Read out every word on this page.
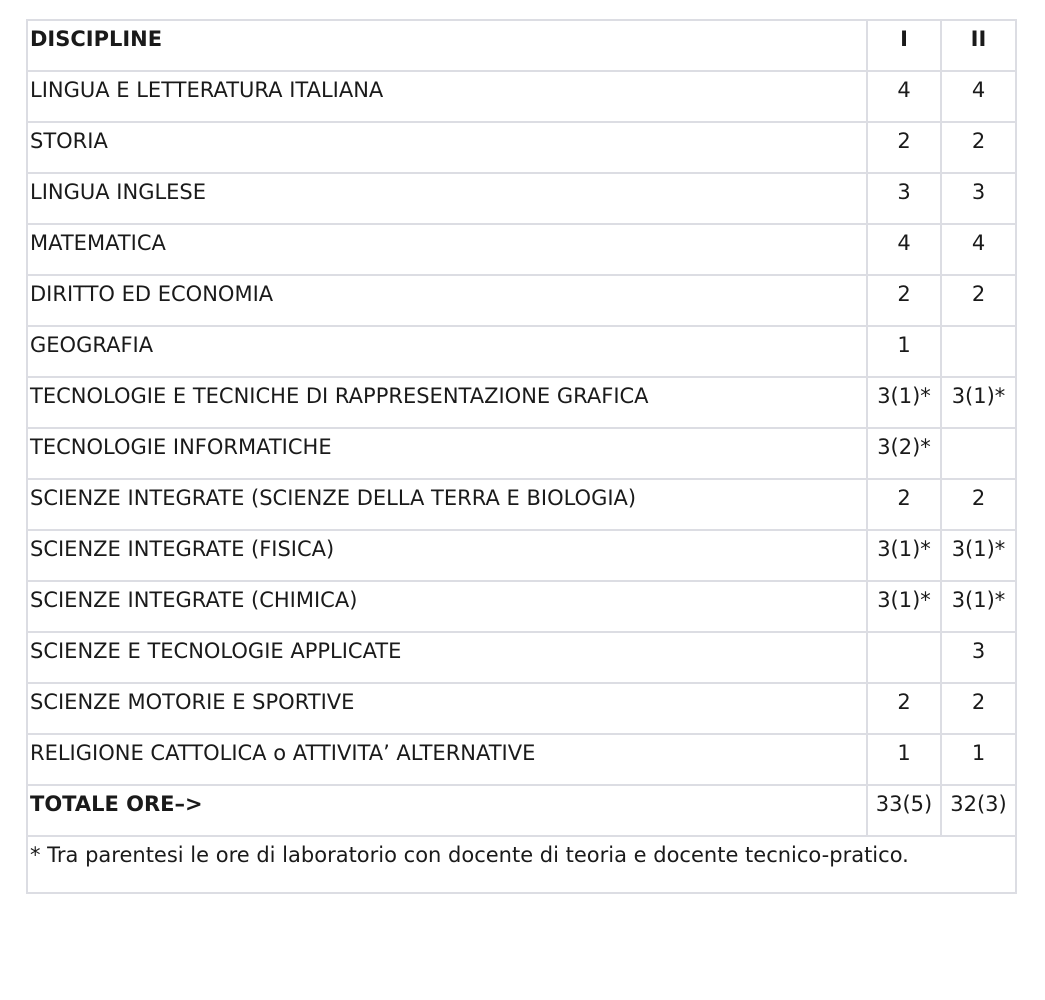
DISCIPLINE	I	II
LINGUA E LETTERATURA ITALIANA	4	4
STORIA	2	2
LINGUA INGLESE	3	3
MATEMATICA	4	4
DIRITTO ED ECONOMIA	2	2
GEOGRAFIA	1	
TECNOLOGIE E TECNICHE DI RAPPRESENTAZIONE GRAFICA	3(1)*	3(1)*
TECNOLOGIE INFORMATICHE	3(2)*	
SCIENZE INTEGRATE (SCIENZE DELLA TERRA E BIOLOGIA)	2	2
SCIENZE INTEGRATE (FISICA)	3(1)*	3(1)*
SCIENZE INTEGRATE (CHIMICA)	3(1)*	3(1)*
SCIENZE E TECNOLOGIE APPLICATE		3
SCIENZE MOTORIE E SPORTIVE	2	2
RELIGIONE CATTOLICA o ATTIVITA’ ALTERNATIVE	1	1
TOTALE ORE–>	33(5)	32(3)
* Tra parentesi le ore di laboratorio con docente di teoria e docente tecnico-pratico.		
